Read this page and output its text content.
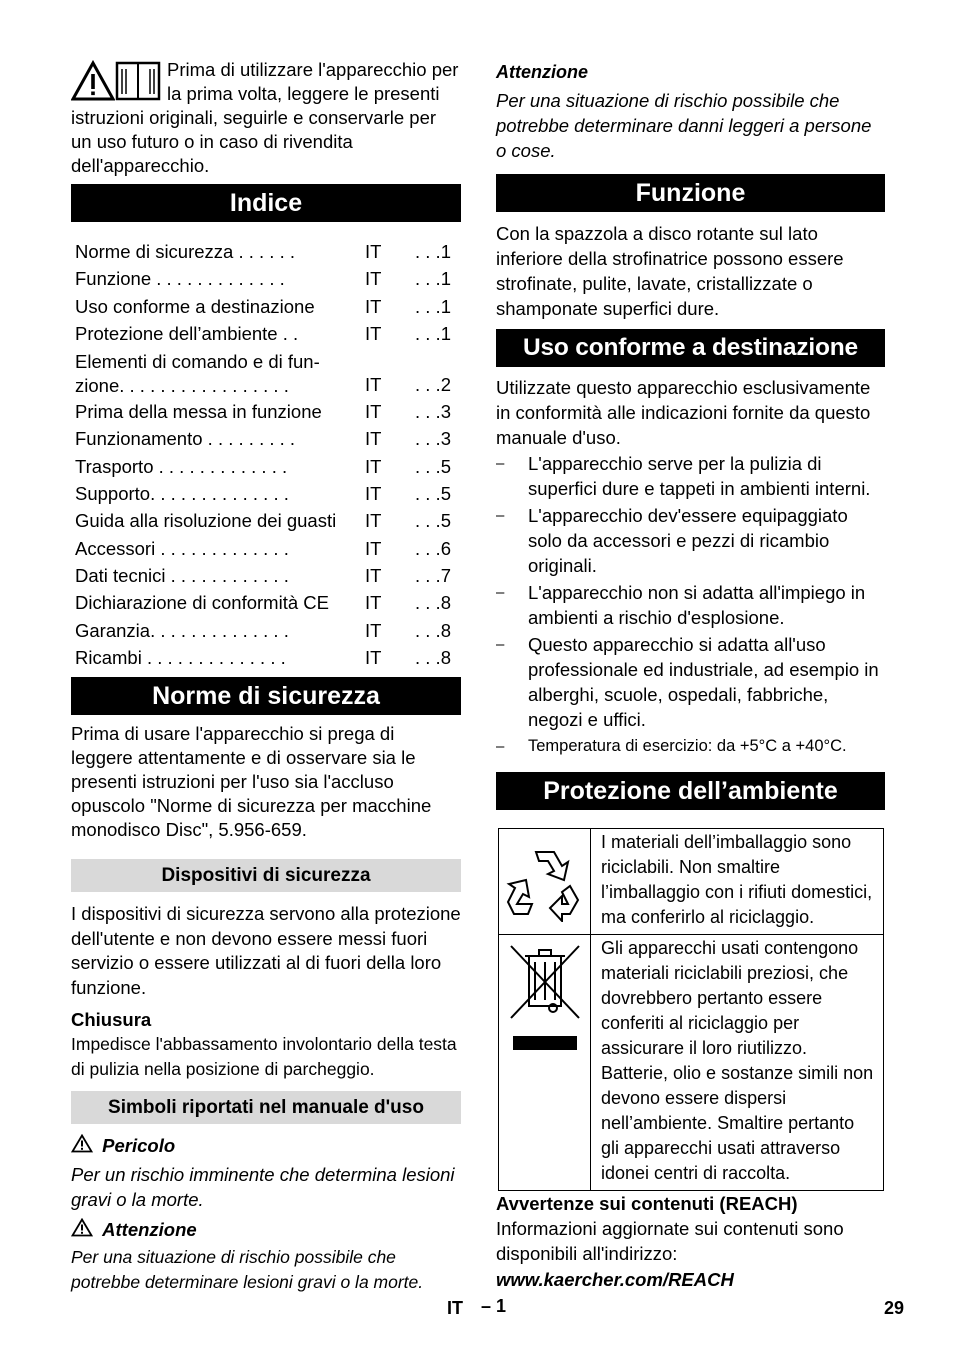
Prima di utilizzare l'apparecchio per la prima volta, leggere le presenti istruzioni originali, seguirle e conservarle per un uso futuro o in caso di rivendita dell'apparecchio.

Indice
Norme di sicurezza . . . . . .	IT	. . .1
Funzione . . . . . . . . . . . . .	IT	. . .1
Uso conforme a destinazione	IT	. . .1
Protezione dell’ambiente . .	IT	. . .1
Elementi di comando e di fun-
zione. . . . . . . . . . . . . . . . .	IT	. . .2
Prima della messa in funzione	IT	. . .3
Funzionamento . . . . . . . . .	IT	. . .3
Trasporto . . . . . . . . . . . . .	IT	. . .5
Supporto. . . . . . . . . . . . . .	IT	. . .5
Guida alla risoluzione dei guasti	IT	. . .5
Accessori . . . . . . . . . . . . .	IT	. . .6
Dati tecnici . . . . . . . . . . . .	IT	. . .7
Dichiarazione di conformità CE	IT	. . .8
Garanzia. . . . . . . . . . . . . .	IT	. . .8
Ricambi . . . . . . . . . . . . . .	IT	. . .8
Norme di sicurezza

Prima di usare l'apparecchio si prega di leggere attentamente e di osservare sia le presenti istruzioni per l'uso sia l'accluso opuscolo "Norme di sicurezza per macchine monodisco Disc", 5.956-659.

Dispositivi di sicurezza

I dispositivi di sicurezza servono alla protezione dell'utente e non devono essere messi fuori servizio o essere utilizzati al di fuori della loro funzione.

Chiusura

Impedisce l'abbassamento involontario della testa di pulizia nella posizione di parcheggio.

Simboli riportati nel manuale d'uso

Pericolo

Per un rischio imminente che determina lesioni gravi o la morte.

Attenzione

Per una situazione di rischio possibile che potrebbe determinare lesioni gravi o la morte.

Attenzione

Per una situazione di rischio possibile che potrebbe determinare danni leggeri a persone o cose.

Funzione

Con la spazzola a disco rotante sul lato inferiore della strofinatrice possono essere strofinate, pulite, lavate, cristallizzate o shamponate superfici dure.

Uso conforme a destinazione

Utilizzate questo apparecchio esclusivamente in conformità alle indicazioni fornite da questo manuale d'uso.

– L'apparecchio serve per la pulizia di superfici dure e tappeti in ambienti interni.
– L'apparecchio dev'essere equipaggiato solo da accessori e pezzi di ricambio originali.
– L'apparecchio non si adatta all'impiego in ambienti a rischio d'esplosione.
– Questo apparecchio si adatta all'uso professionale ed industriale, ad esempio in alberghi, scuole, ospedali, fabbriche, negozi e uffici.
– Temperatura di esercizio: da +5°C a +40°C.
Protezione dell’ambiente
	I materiali dell’imballaggio sono riciclabili. Non smaltire l’imballaggio con i rifiuti domestici, ma conferirlo al riciclaggio.
	Gli apparecchi usati contengono materiali riciclabili preziosi, che dovrebbero pertanto essere conferiti al riciclaggio per assicurare il loro riutilizzo. Batterie, olio e sostanze simili non devono essere dispersi nell’ambiente. Smaltire pertanto gli apparecchi usati attraverso idonei centri di raccolta.

Avvertenze sui contenuti (REACH)

Informazioni aggiornate sui contenuti sono disponibili all'indirizzo:

www.kaercher.com/REACH

IT – 1	29
